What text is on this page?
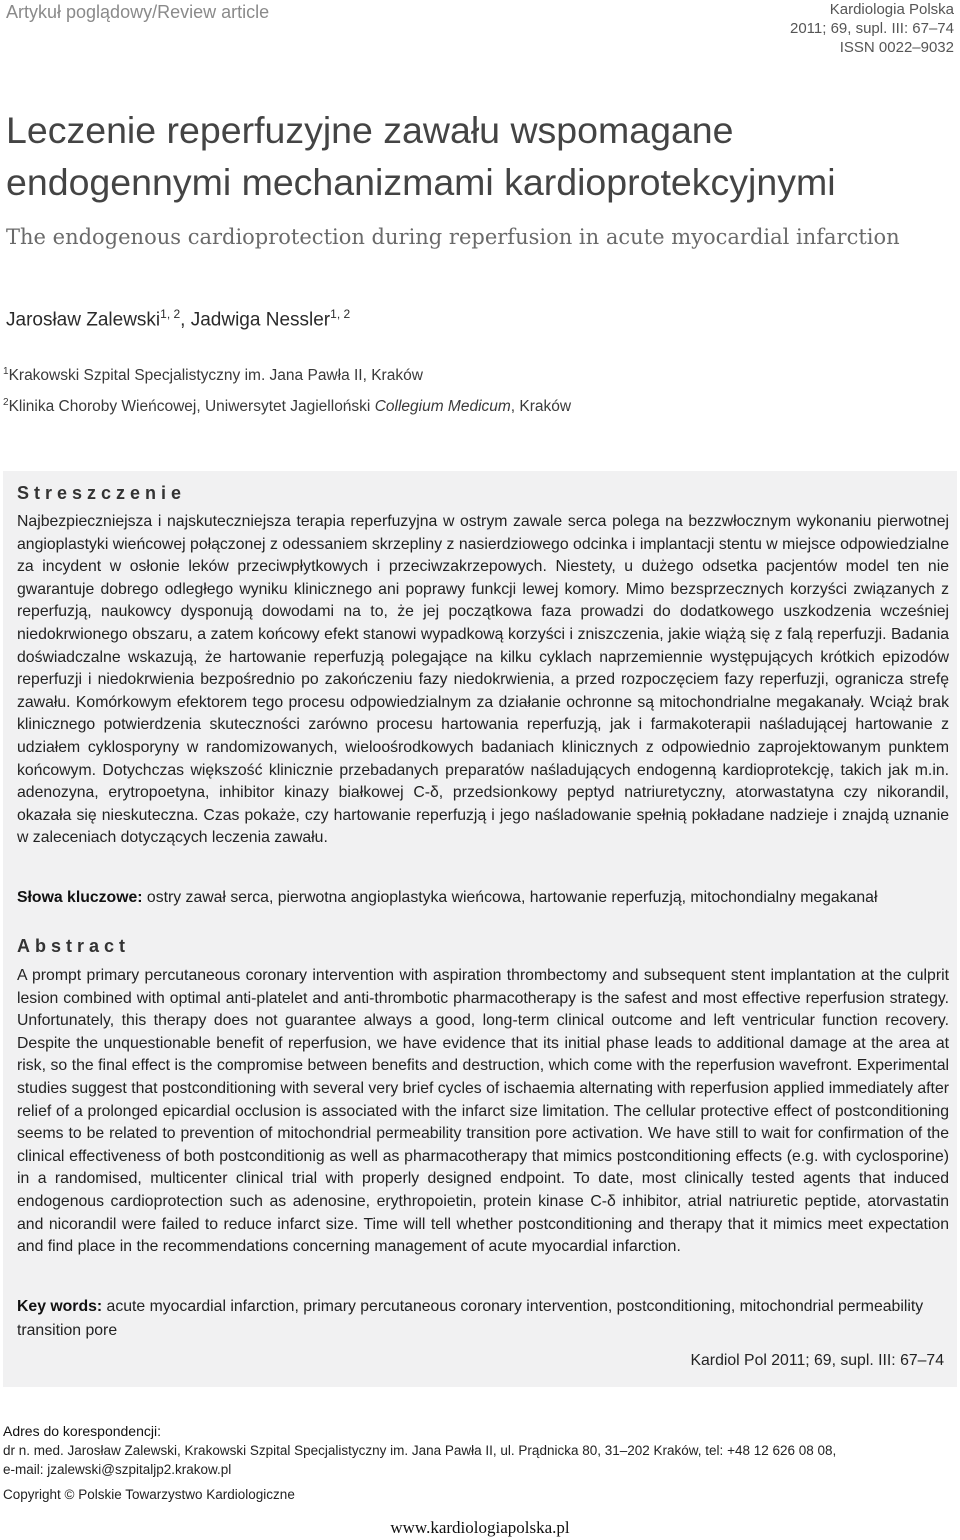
Artykuł poglądowy/Review article	Kardiologia Polska
2011; 69, supl. III: 67–74
ISSN 0022–9032
Leczenie reperfuzyjne zawału wspomagane
endogennymi mechanizmami kardioprotekcyjnymi
The endogenous cardioprotection during reperfusion in acute myocardial infarction
Jarosław Zalewski$^{1, 2}$, Jadwiga Nessler$^{1, 2}$
$^1$Krakowski Szpital Specjalistyczny im. Jana Pawła II, Kraków
$^2$Klinika Choroby Wieńcowej, Uniwersytet Jagielloński Collegium Medicum, Kraków
Streszczenie

Najbezpieczniejsza i najskuteczniejsza terapia reperfuzyjna w ostrym zawale serca polega na bezzwłocznym wykonaniu pierwotnej angioplastyki wieńcowej połączonej z odessaniem skrzepliny z nasierdziowego odcinka i implantacji stentu w miejsce odpowiedzialne za incydent w osłonie leków przeciwpłytkowych i przeciwzakrzepowych. Niestety, u dużego odsetka pacjentów model ten nie gwarantuje dobrego odległego wyniku klinicznego ani poprawy funkcji lewej komory. Mimo bezsprzecznych korzyści związanych z reperfuzją, naukowcy dysponują dowodami na to, że jej początkowa faza prowadzi do dodatkowego uszkodzenia wcześniej niedokrwionego obszaru, a zatem końcowy efekt stanowi wypadkową korzyści i zniszczenia, jakie wiążą się z falą reperfuzji. Badania doświadczalne wskazują, że hartowanie reperfuzją polegające na kilku cyklach naprzemiennie występujących krótkich epizodów reperfuzji i niedokrwienia bezpośrednio po zakończeniu fazy niedokrwienia, a przed rozpoczęciem fazy reperfuzji, ogranicza strefę zawału. Komórkowym efektorem tego procesu odpowiedzialnym za działanie ochronne są mitochondrialne megakanały. Wciąż brak klinicznego potwierdzenia skuteczności zarówno procesu hartowania reperfuzją, jak i farmakoterapii naśladującej hartowanie z udziałem cyklosporyny w randomizowanych, wieloośrodkowych badaniach klinicznych z odpowiednio zaprojektowanym punktem końcowym. Dotychczas większość klinicznie przebadanych preparatów naśladujących endogenną kardioprotekcję, takich jak m.in. adenozyna, erytropoetyna, inhibitor kinazy białkowej C-δ, przedsionkowy peptyd natriuretyczny, atorwastatyna czy nikorandil, okazała się nieskuteczna. Czas pokaże, czy hartowanie reperfuzją i jego naśladowanie spełnią pokładane nadzieje i znajdą uznanie w zaleceniach dotyczących leczenia zawału.

Słowa kluczowe: ostry zawał serca, pierwotna angioplastyka wieńcowa, hartowanie reperfuzją, mitochondialny megakanał

Abstract

A prompt primary percutaneous coronary intervention with aspiration thrombectomy and subsequent stent implantation at the culprit lesion combined with optimal anti-platelet and anti-thrombotic pharmacotherapy is the safest and most effective reperfusion strategy. Unfortunately, this therapy does not guarantee always a good, long-term clinical outcome and left ventricular function recovery. Despite the unquestionable benefit of reperfusion, we have evidence that its initial phase leads to additional damage at the area at risk, so the final effect is the compromise between benefits and destruction, which come with the reperfusion wavefront. Experimental studies suggest that postconditioning with several very brief cycles of ischaemia alternating with reperfusion applied immediately after relief of a prolonged epicardial occlusion is associated with the infarct size limitation. The cellular protective effect of postconditioning seems to be related to prevention of mitochondrial permeability transition pore activation. We have still to wait for confirmation of the clinical effectiveness of both postconditionig as well as pharmacotherapy that mimics postconditioning effects (e.g. with cyclosporine) in a randomised, multicenter clinical trial with properly designed endpoint. To date, most clinically tested agents that induced endogenous cardioprotection such as adenosine, erythropoietin, protein kinase C-δ inhibitor, atrial natriuretic peptide, atorvastatin and nicorandil were failed to reduce infarct size. Time will tell whether postconditioning and therapy that it mimics meet expectation and find place in the recommendations concerning management of acute myocardial infarction.

Key words: acute myocardial infarction, primary percutaneous coronary intervention, postconditioning, mitochondrial permeability transition pore

Kardiol Pol 2011; 69, supl. III: 67–74
Adres do korespondencji:
dr n. med. Jarosław Zalewski, Krakowski Szpital Specjalistyczny im. Jana Pawła II, ul. Prądnicka 80, 31–202 Kraków, tel: +48 12 626 08 08,
e-mail: jzalewski@szpitaljp2.krakow.pl
Copyright © Polskie Towarzystwo Kardiologiczne
www.kardiologiapolska.pl
